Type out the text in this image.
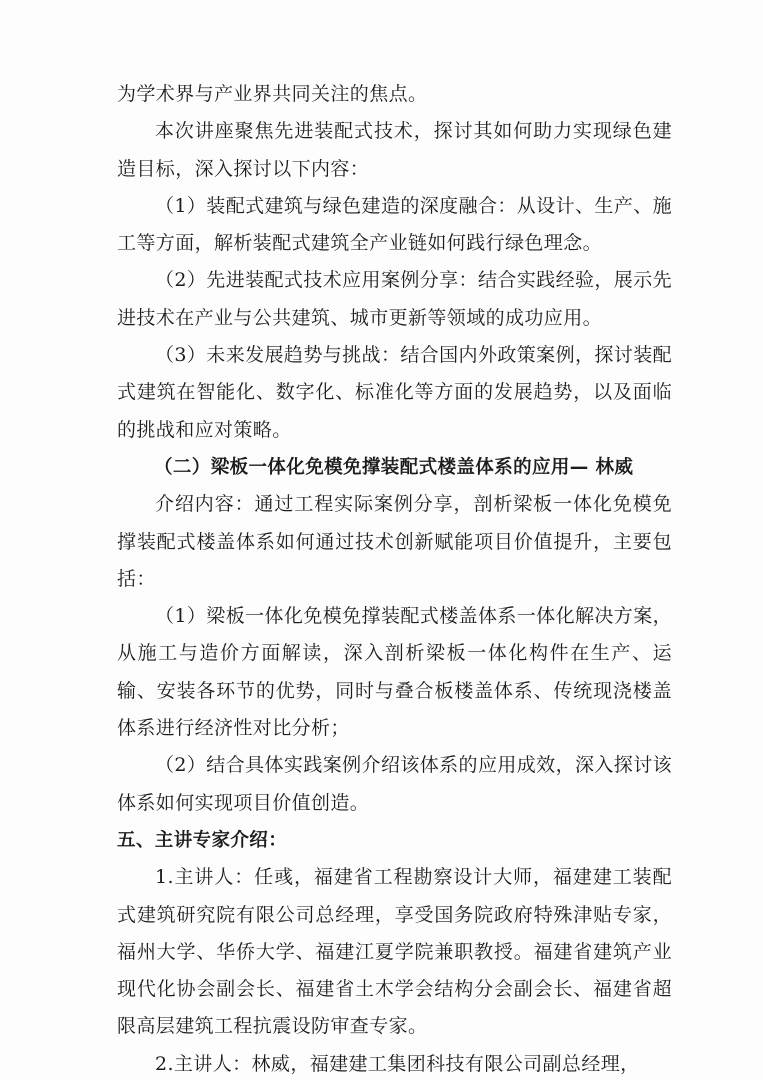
为学术界与产业界共同关注的焦点。

本次讲座聚焦先进装配式技术，探讨其如何助力实现绿色建造目标，深入探讨以下内容：

（1）装配式建筑与绿色建造的深度融合：从设计、生产、施工等方面，解析装配式建筑全产业链如何践行绿色理念。

（2）先进装配式技术应用案例分享：结合实践经验，展示先进技术在产业与公共建筑、城市更新等领域的成功应用。

（3）未来发展趋势与挑战：结合国内外政策案例，探讨装配式建筑在智能化、数字化、标准化等方面的发展趋势，以及面临的挑战和应对策略。

（二）梁板一体化免模免撑装配式楼盖体系的应用— 林威

介绍内容：通过工程实际案例分享，剖析梁板一体化免模免撑装配式楼盖体系如何通过技术创新赋能项目价值提升，主要包括：

（1）梁板一体化免模免撑装配式楼盖体系一体化解决方案，从施工与造价方面解读，深入剖析梁板一体化构件在生产、运输、安装各环节的优势，同时与叠合板楼盖体系、传统现浇楼盖体系进行经济性对比分析；

（2）结合具体实践案例介绍该体系的应用成效，深入探讨该体系如何实现项目价值创造。

五、主讲专家介绍：

1.主讲人：任彧，福建省工程勘察设计大师，福建建工装配式建筑研究院有限公司总经理，享受国务院政府特殊津贴专家，福州大学、华侨大学、福建江夏学院兼职教授。福建省建筑产业现代化协会副会长、福建省土木学会结构分会副会长、福建省超限高层建筑工程抗震设防审查专家。

2.主讲人：林威，福建建工集团科技有限公司副总经理，
